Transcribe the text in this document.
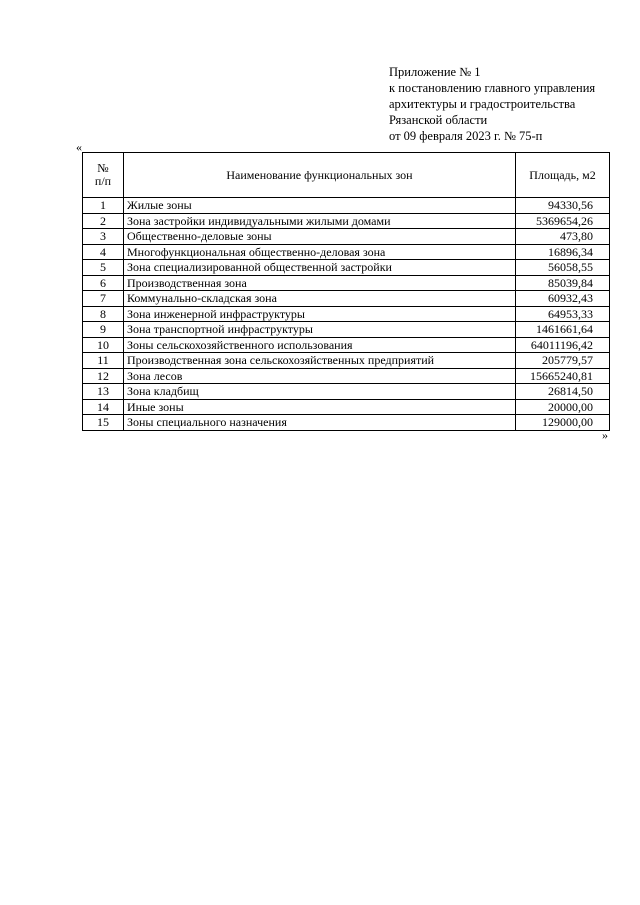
Приложение № 1
к постановлению главного управления
архитектуры и градостроительства
Рязанской области
от 09 февраля 2023 г. № 75-п
«
№
п/п	Наименование функциональных зон	Площадь, м2
1	Жилые зоны	94330,56
2	Зона застройки индивидуальными жилыми домами	5369654,26
3	Общественно-деловые зоны	473,80
4	Многофункциональная общественно-деловая зона	16896,34
5	Зона специализированной общественной застройки	56058,55
6	Производственная зона	85039,84
7	Коммунально-складская зона	60932,43
8	Зона инженерной инфраструктуры	64953,33
9	Зона транспортной инфраструктуры	1461661,64
10	Зоны сельскохозяйственного использования	64011196,42
11	Производственная зона сельскохозяйственных предприятий	205779,57
12	Зона лесов	15665240,81
13	Зона кладбищ	26814,50
14	Иные зоны	20000,00
15	Зоны специального назначения	129000,00
»
